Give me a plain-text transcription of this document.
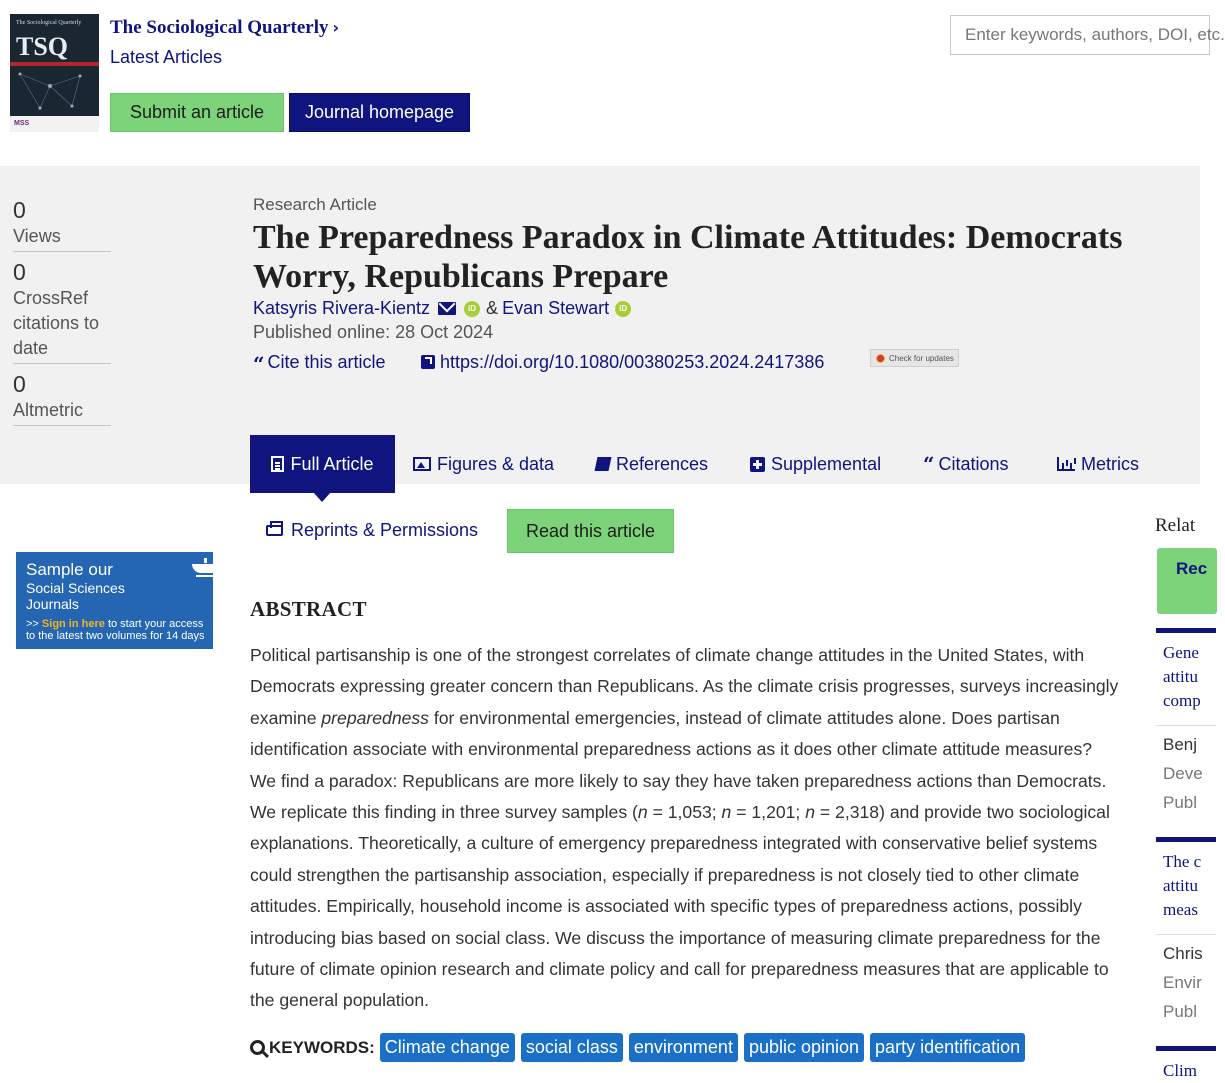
The Sociological Quarterly
TSQ
MSS
The Sociological Quarterly ›
Latest Articles
Submit an article	Journal homepage
Enter keywords, authors, DOI, etc.
0
Views
0
CrossRef citations to date
0
Altmetric
Research Article
The Preparedness Paradox in Climate Attitudes: Democrats Worry, Republicans Prepare
Katsyris Rivera-Kientz	iD & Evan Stewart	iD
Published online: 28 Oct 2024
“ Cite this article	https://doi.org/10.1080/00380253.2024.2417386	Check for updates
Full Article	Figures & data	References	Supplemental “ Citations	Metrics
Reprints & Permissions	Read this article
Sample our
Social Sciences
Journals
>> Sign in here to start your access
to the latest two volumes for 14 days
ABSTRACT

Political partisanship is one of the strongest correlates of climate change attitudes in the United States, with Democrats expressing greater concern than Republicans. As the climate crisis progresses, surveys increasingly examine preparedness for environmental emergencies, instead of climate attitudes alone. Does partisan identification associate with environmental preparedness actions as it does other climate attitude measures? We find a paradox: Republicans are more likely to say they have taken preparedness actions than Democrats. We replicate this finding in three survey samples (n = 1,053; n = 1,201; n = 2,318) and provide two sociological explanations. Theoretically, a culture of emergency preparedness integrated with conservative belief systems could strengthen the partisanship association, especially if preparedness is not closely tied to other climate attitudes. Empirically, household income is associated with specific types of preparedness actions, possibly introducing bias based on social class. We discuss the importance of measuring climate preparedness for the future of climate opinion research and climate policy and call for preparedness measures that are applicable to the general population.

KEYWORDS: Climate change social class environment public opinion party identification
Relat
Rec
Gene
attitu
comp
Benj
Deve
Publ
The c
attitu
meas
Chris
Envir
Publ
Clim
